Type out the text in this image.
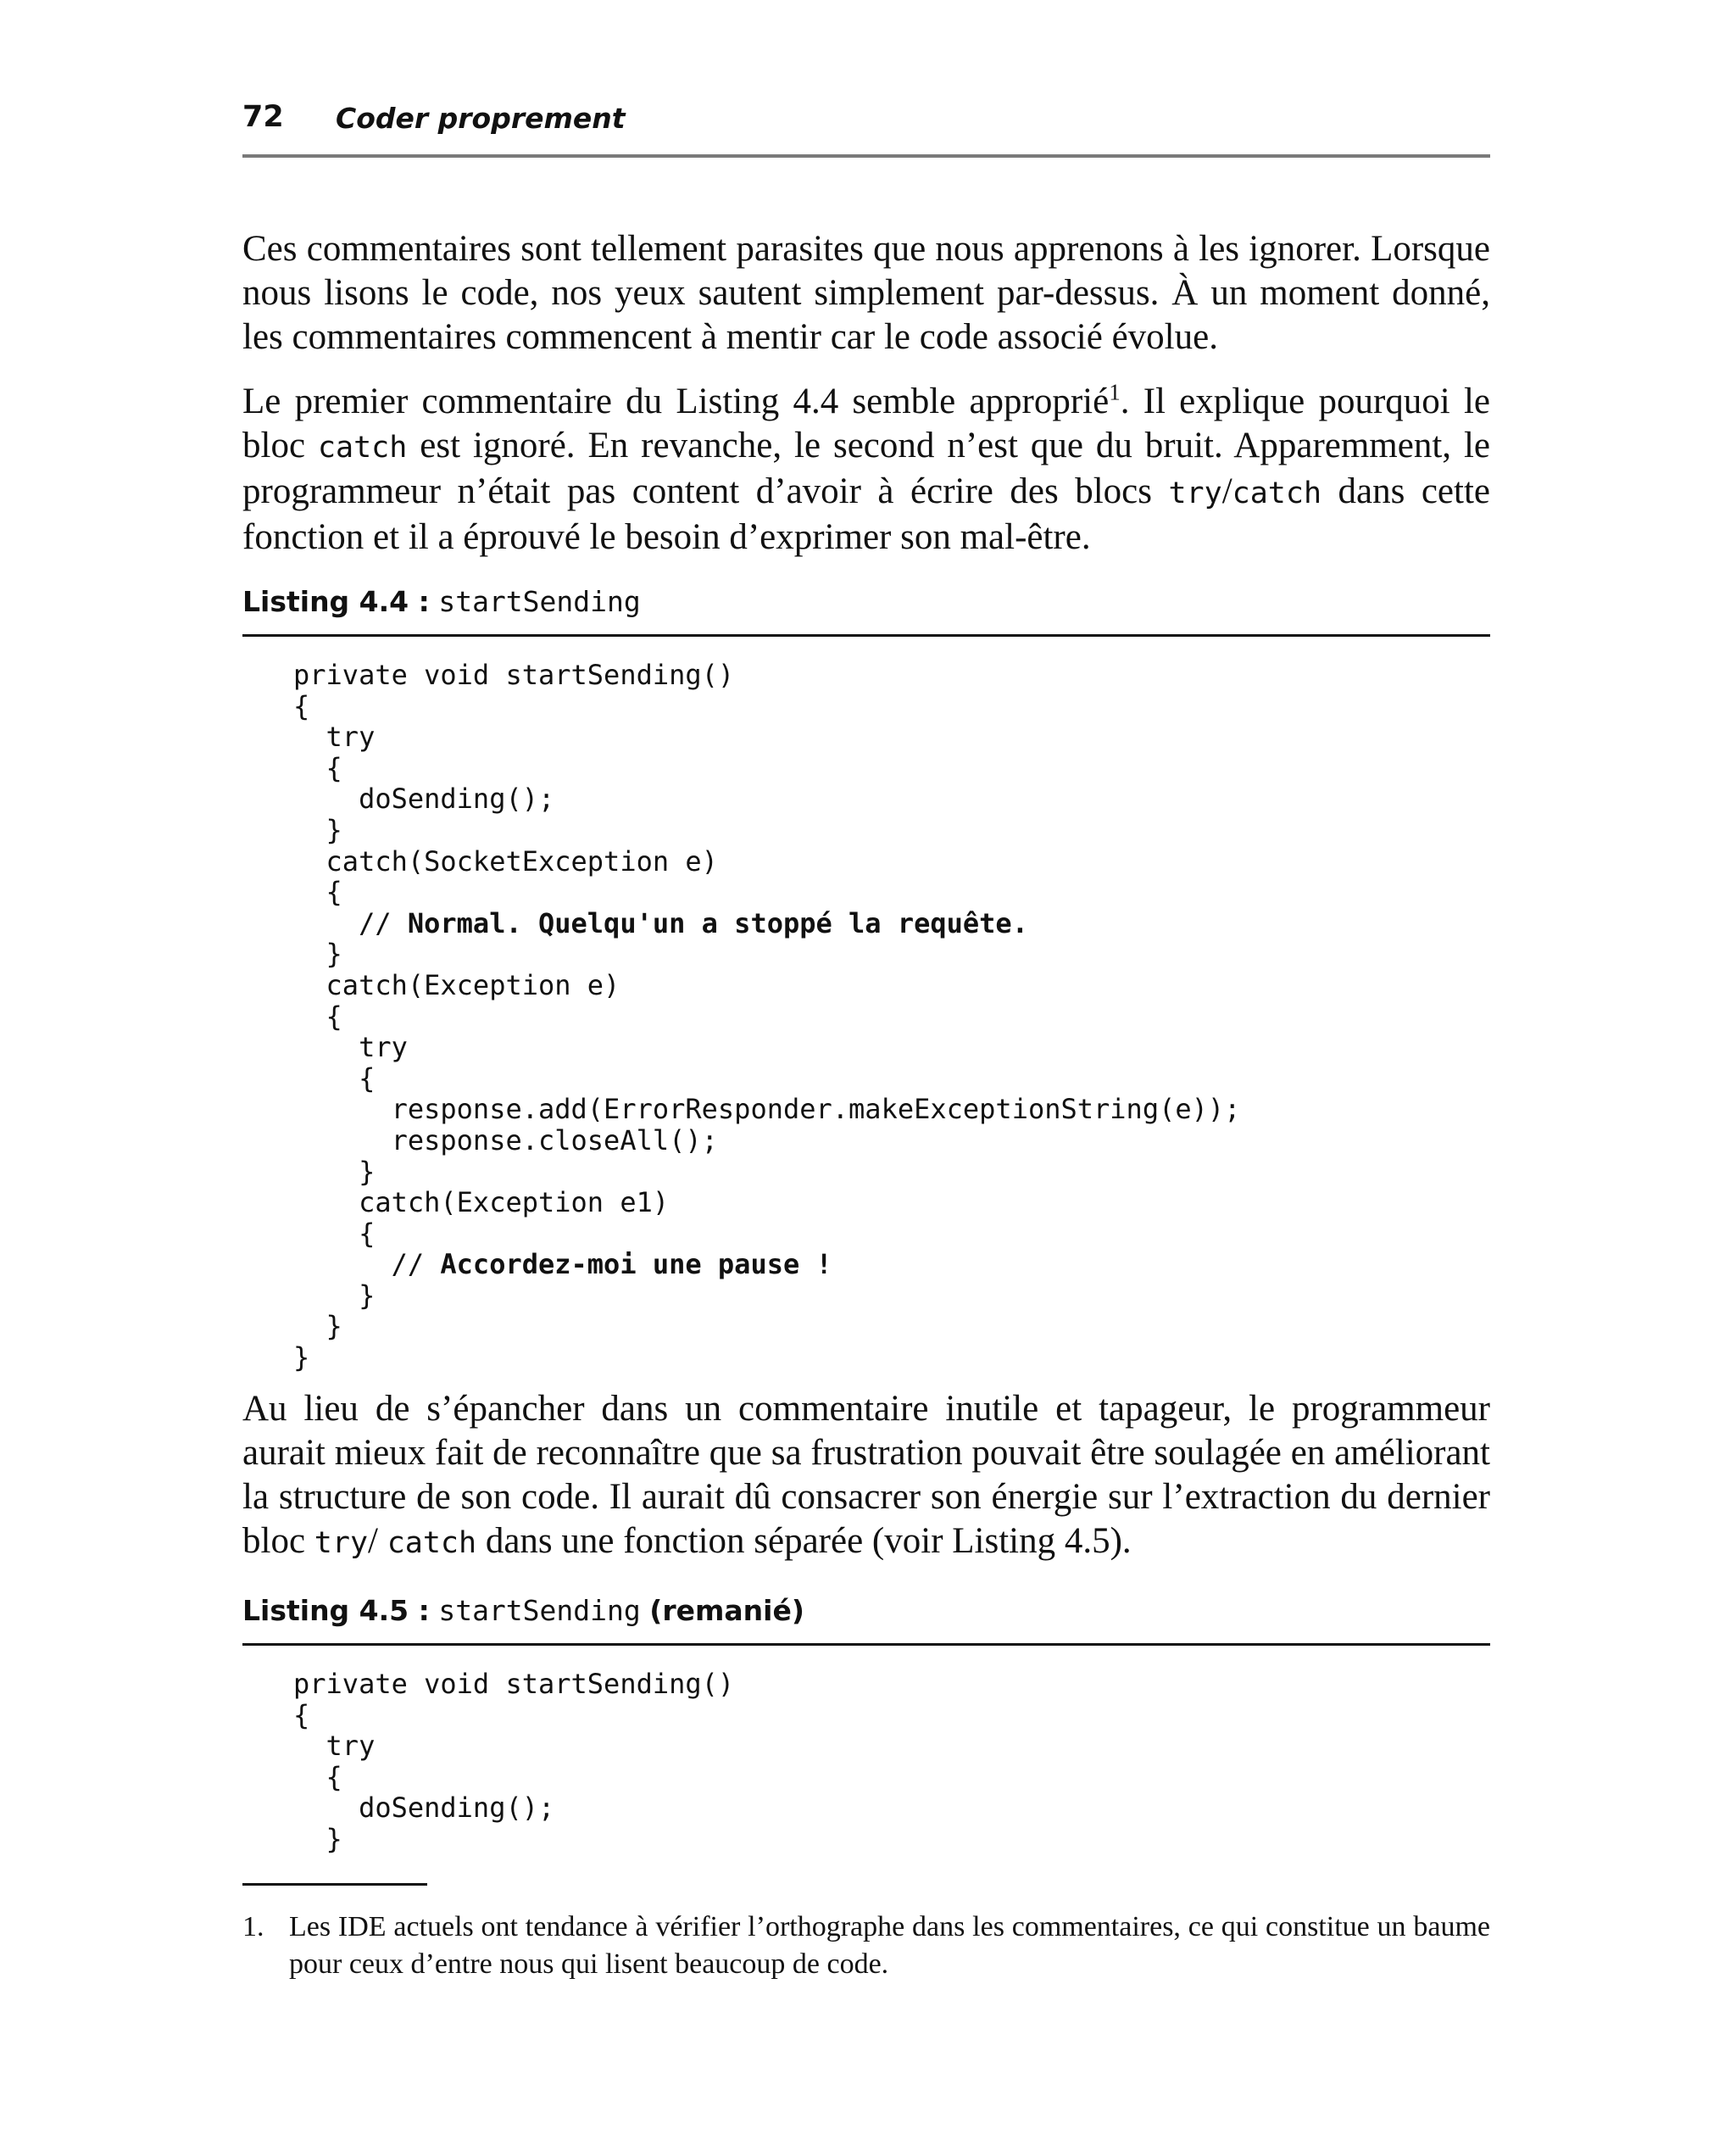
72 Coder proprement

Ces commentaires sont tellement parasites que nous apprenons à les ignorer. Lorsque nous lisons le code, nos yeux sautent simplement par-dessus. À un moment donné, les commentaires commencent à mentir car le code associé évolue.

Le premier commentaire du Listing 4.4 semble approprié$^1$. Il explique pourquoi le bloc catch est ignoré. En revanche, le second n’est que du bruit. Apparemment, le programmeur n’était pas content d’avoir à écrire des blocs try/catch dans cette fonction et il a éprouvé le besoin d’exprimer son mal-être.

Listing 4.4 : startSending
private void startSending()
{
try
{
doSending();
}
catch(SocketException e)
{
// Normal. Quelqu'un a stoppé la requête.
}
catch(Exception e)
{
try
{
response.add(ErrorResponder.makeExceptionString(e));
response.closeAll();
}
catch(Exception e1)
{
// Accordez-moi une pause !
}
}
}

Au lieu de s’épancher dans un commentaire inutile et tapageur, le programmeur aurait mieux fait de reconnaître que sa frustration pouvait être soulagée en améliorant la structure de son code. Il aurait dû consacrer son énergie sur l’extraction du dernier bloc try/ catch dans une fonction séparée (voir Listing 4.5).

Listing 4.5 : startSending (remanié)
private void startSending()
{
try
{
doSending();
}
1. Les IDE actuels ont tendance à vérifier l’orthographe dans les commentaires, ce qui constitue un baume pour ceux d’entre nous qui lisent beaucoup de code.
